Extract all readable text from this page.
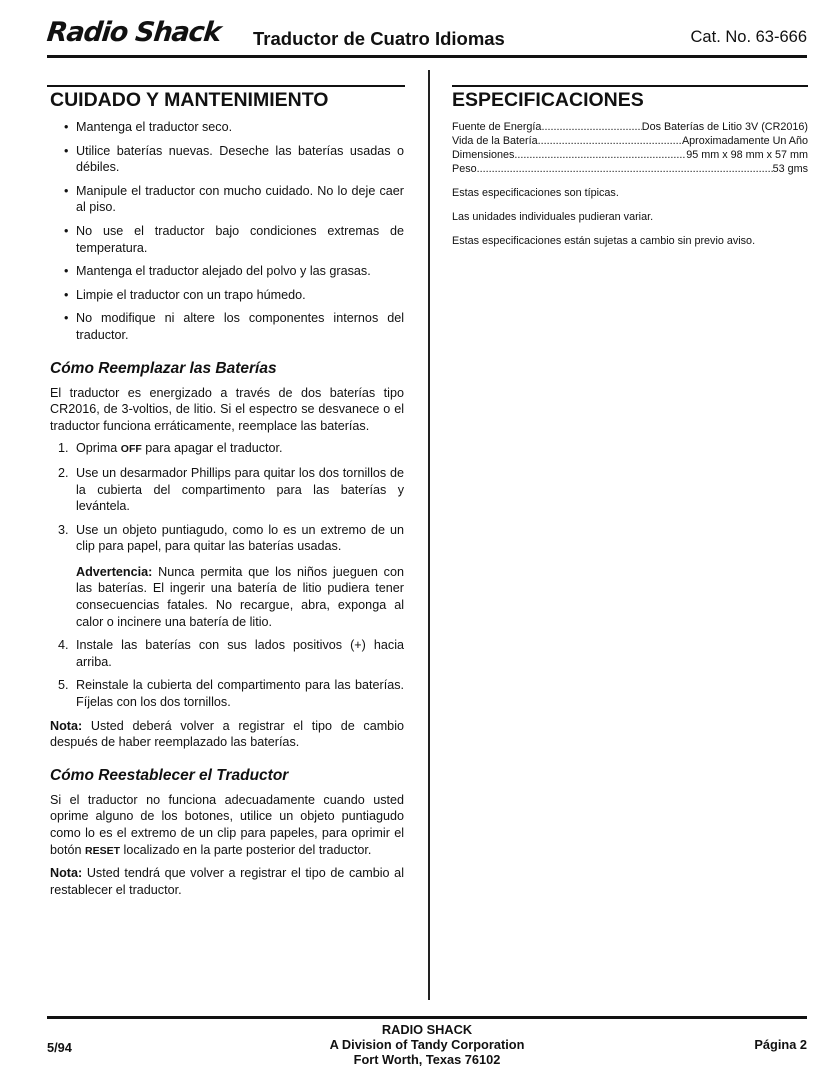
Radio Shack Traductor de Cuatro Idiomas	Cat. No. 63-666
CUIDADO Y MANTENIMIENTO
• Mantenga el traductor seco.
• Utilice baterías nuevas. Deseche las baterías usadas o débiles.
• Manipule el traductor con mucho cuidado. No lo deje caer al piso.
• No use el traductor bajo condiciones extremas de temperatura.
• Mantenga el traductor alejado del polvo y las grasas.
• Limpie el traductor con un trapo húmedo.
• No modifique ni altere los componentes internos del traductor.
Cómo Reemplazar las Baterías

El traductor es energizado a través de dos baterías tipo CR2016, de 3-voltios, de litio. Si el espectro se desvanece o el traductor funciona erráticamente, reemplace las baterías.

1. Oprima OFF para apagar el traductor.
2. Use un desarmador Phillips para quitar los dos tornillos de la cubierta del compartimento para las baterías y levántela.
3. Use un objeto puntiagudo, como lo es un extremo de un clip para papel, para quitar las baterías usadas.
Advertencia: Nunca permita que los niños jueguen con las baterías. El ingerir una batería de litio pudiera tener consecuencias fatales. No recargue, abra, exponga al calor o incinere una batería de litio.
4. Instale las baterías con sus lados positivos (+) hacia arriba.
5. Reinstale la cubierta del compartimento para las baterías. Fíjelas con los dos tornillos.

Nota: Usted deberá volver a registrar el tipo de cambio después de haber reemplazado las baterías.

Cómo Reestablecer el Traductor

Si el traductor no funciona adecuadamente cuando usted oprime alguno de los botones, utilice un objeto puntiagudo como lo es el extremo de un clip para papeles, para oprimir el botón RESET localizado en la parte posterior del traductor.

Nota: Usted tendrá que volver a registrar el tipo de cambio al restablecer el traductor.

ESPECIFICACIONES
Fuente de Energía .....	Dos Baterías de Litio 3V (CR2016)
Vida de la Batería .....	Aproximadamente Un Año
Dimensiones .....	95 mm x 98 mm x 57 mm
Peso .....	53 gms

Estas especificaciones son típicas.

Las unidades individuales pudieran variar.

Estas especificaciones están sujetas a cambio sin previo aviso.

5/94
RADIO SHACK
A Division of Tandy Corporation
Fort Worth, Texas 76102
Página 2
